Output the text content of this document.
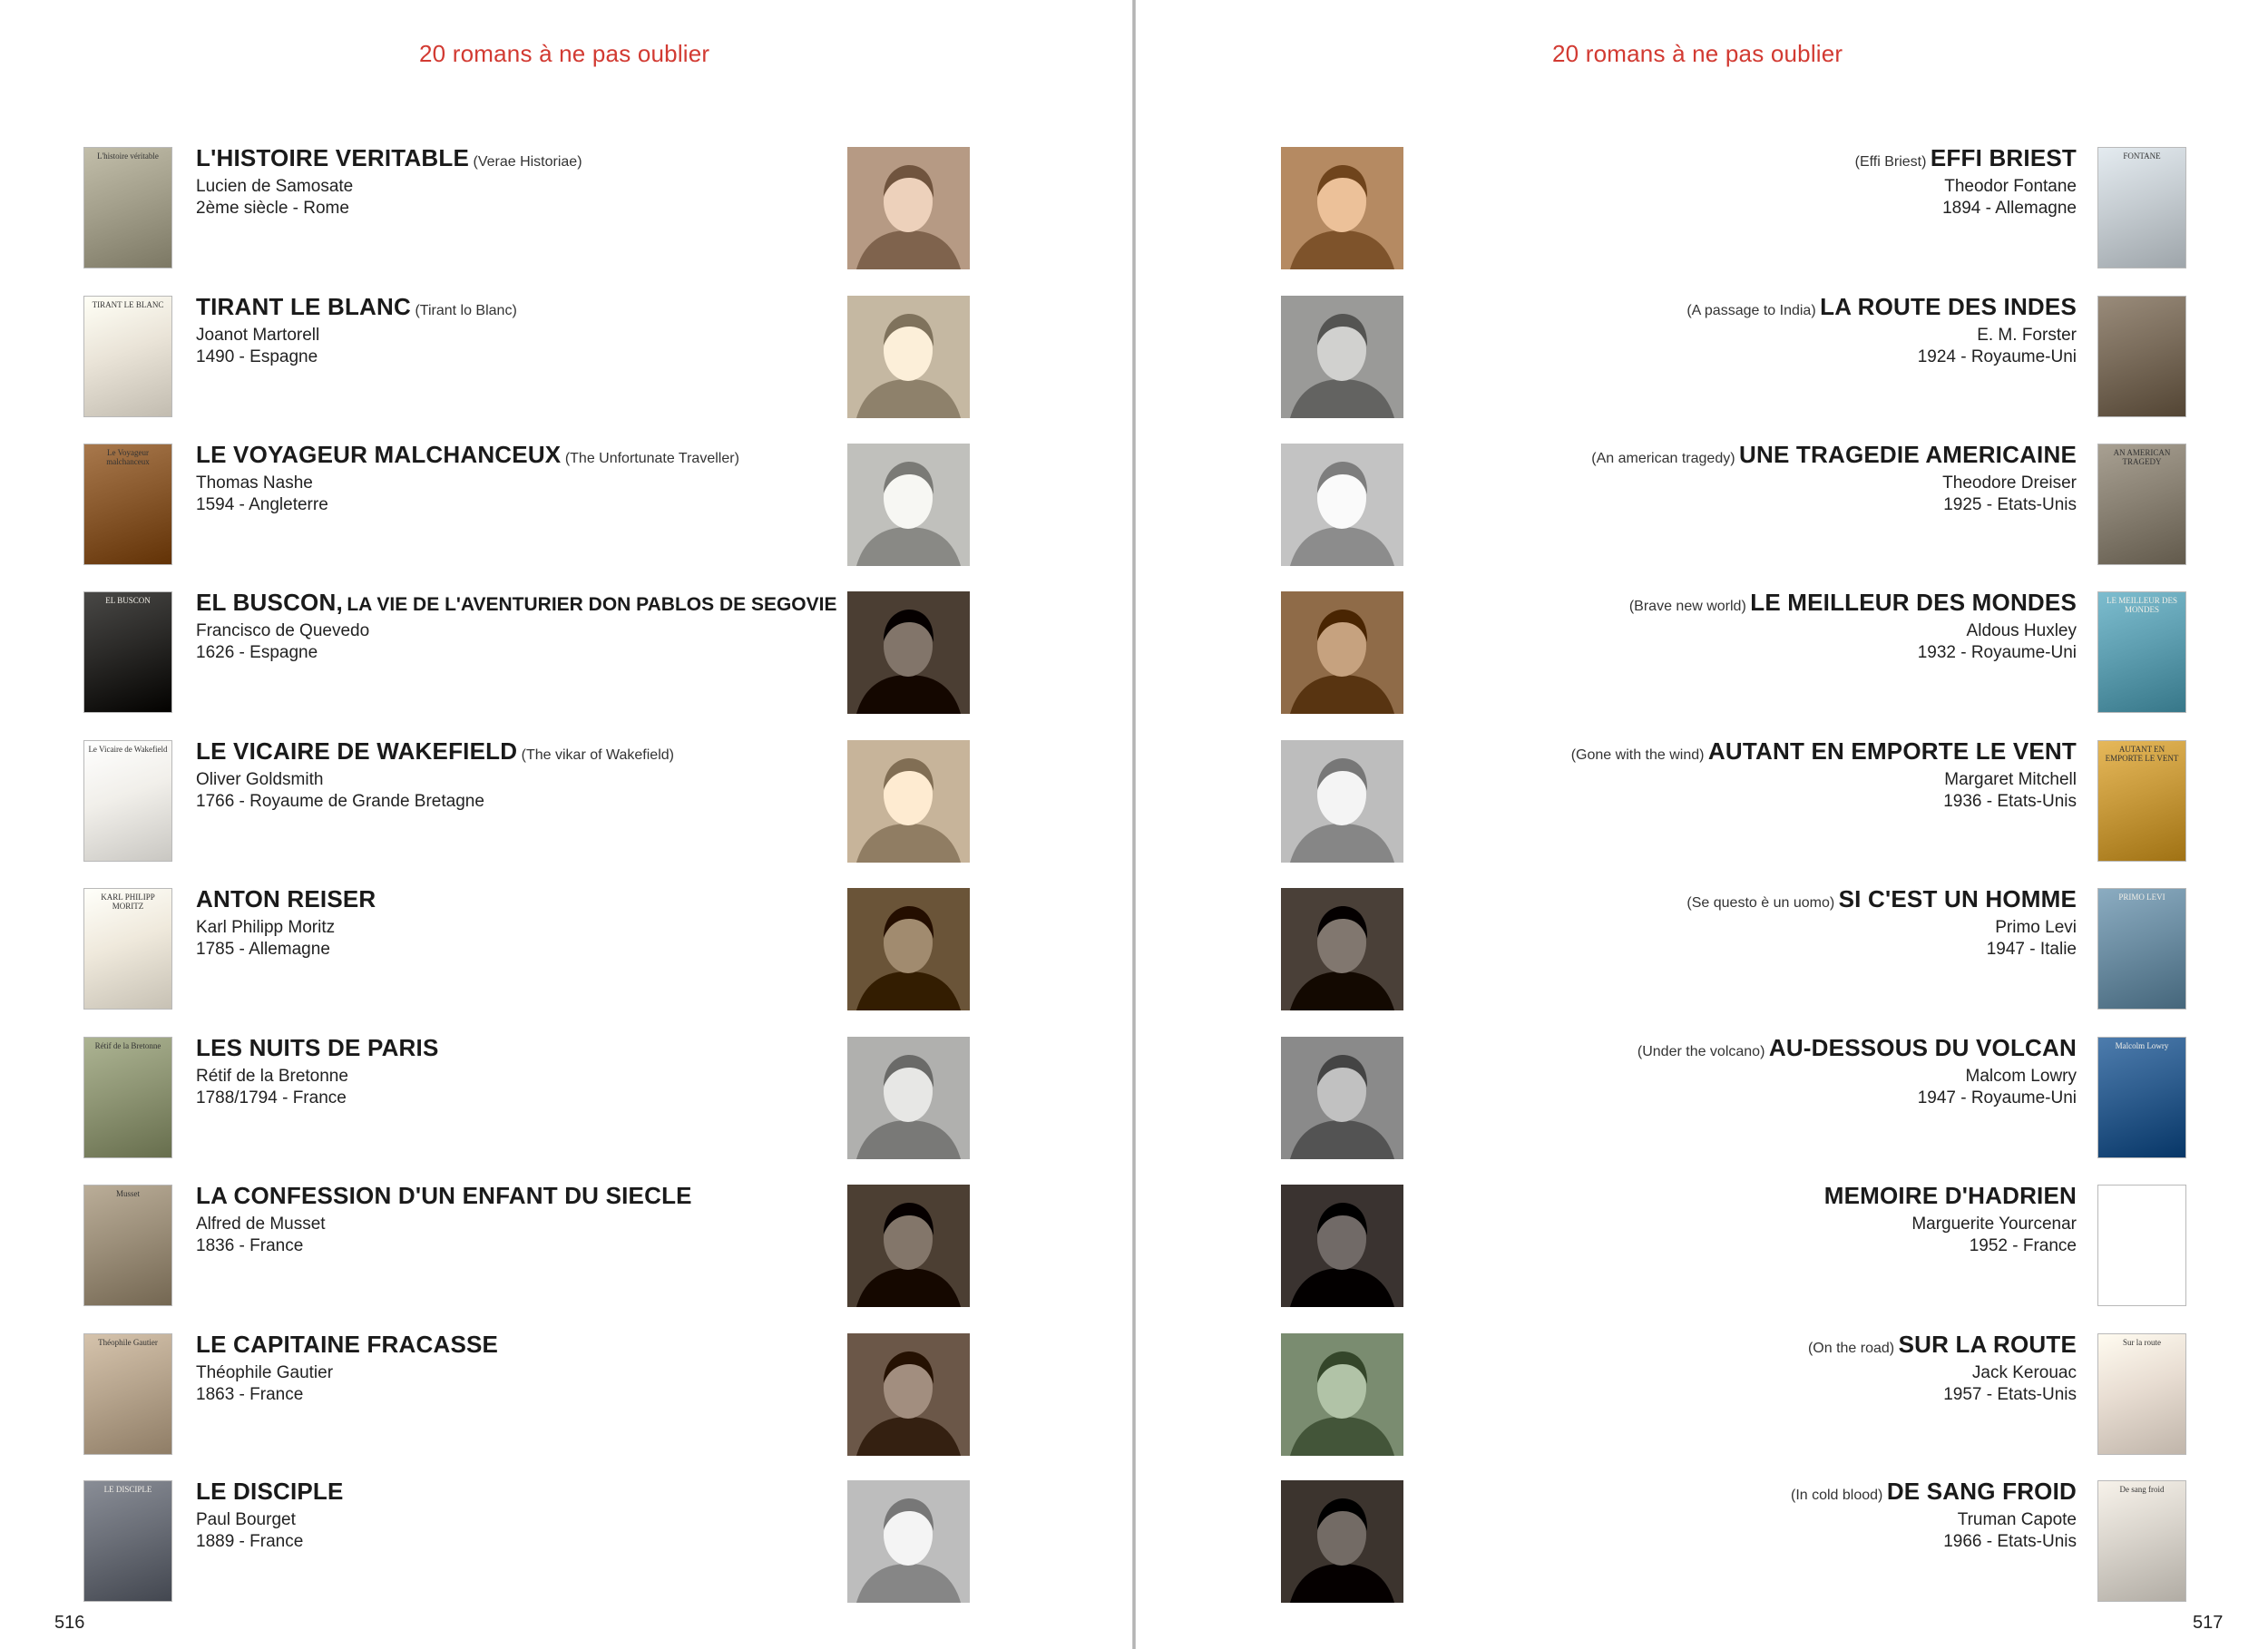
20 romans à ne pas oublier
L'histoire véritable	L'HISTOIRE VERITABLE (Verae Historiae)
Lucien de Samosate
2ème siècle - Rome
TIRANT LE BLANC TIRANT LE BLANC (Tirant lo Blanc)
Joanot Martorell
1490 - Espagne
Le Voyageur malchanceux	LE VOYAGEUR MALCHANCEUX (The Unfortunate Traveller)
Thomas Nashe
1594 - Angleterre
EL BUSCON	EL BUSCON, LA VIE DE L'AVENTURIER DON PABLOS DE SEGOVIE
Francisco de Quevedo
1626 - Espagne
Le Vicaire de Wakefield LE VICAIRE DE WAKEFIELD (The vikar of Wakefield)
Oliver Goldsmith
1766 - Royaume de Grande Bretagne
KARL PHILIPP MORITZ	ANTON REISER
Karl Philipp Moritz
1785 - Allemagne
Rétif de la Bretonne	LES NUITS DE PARIS
Rétif de la Bretonne
1788/1794 - France
Musset	LA CONFESSION D'UN ENFANT DU SIECLE
Alfred de Musset
1836 - France
Théophile Gautier	LE CAPITAINE FRACASSE
Théophile Gautier
1863 - France
LE DISCIPLE	LE DISCIPLE
Paul Bourget
1889 - France
516
20 romans à ne pas oublier
(Effi Briest) EFFI BRIEST
Theodor Fontane
1894 - Allemagne
FONTANE
(A passage to India) LA ROUTE DES INDES
E. M. Forster
1924 - Royaume-Uni
(An american tragedy) UNE TRAGEDIE AMERICAINE
Theodore Dreiser
1925 - Etats-Unis
AN AMERICAN TRAGEDY
(Brave new world) LE MEILLEUR DES MONDES
Aldous Huxley
1932 - Royaume-Uni
LE MEILLEUR DES MONDES
(Gone with the wind) AUTANT EN EMPORTE LE VENT
Margaret Mitchell
1936 - Etats-Unis
AUTANT EN EMPORTE LE VENT
(Se questo è un uomo) SI C'EST UN HOMME
Primo Levi
1947 - Italie
PRIMO LEVI
(Under the volcano) AU-DESSOUS DU VOLCAN
Malcom Lowry
1947 - Royaume-Uni
Malcolm Lowry
MEMOIRE D'HADRIEN
Marguerite Yourcenar
1952 - France
(On the road) SUR LA ROUTE
Jack Kerouac
1957 - Etats-Unis
Sur la route
(In cold blood) DE SANG FROID
Truman Capote
1966 - Etats-Unis
De sang froid
517
